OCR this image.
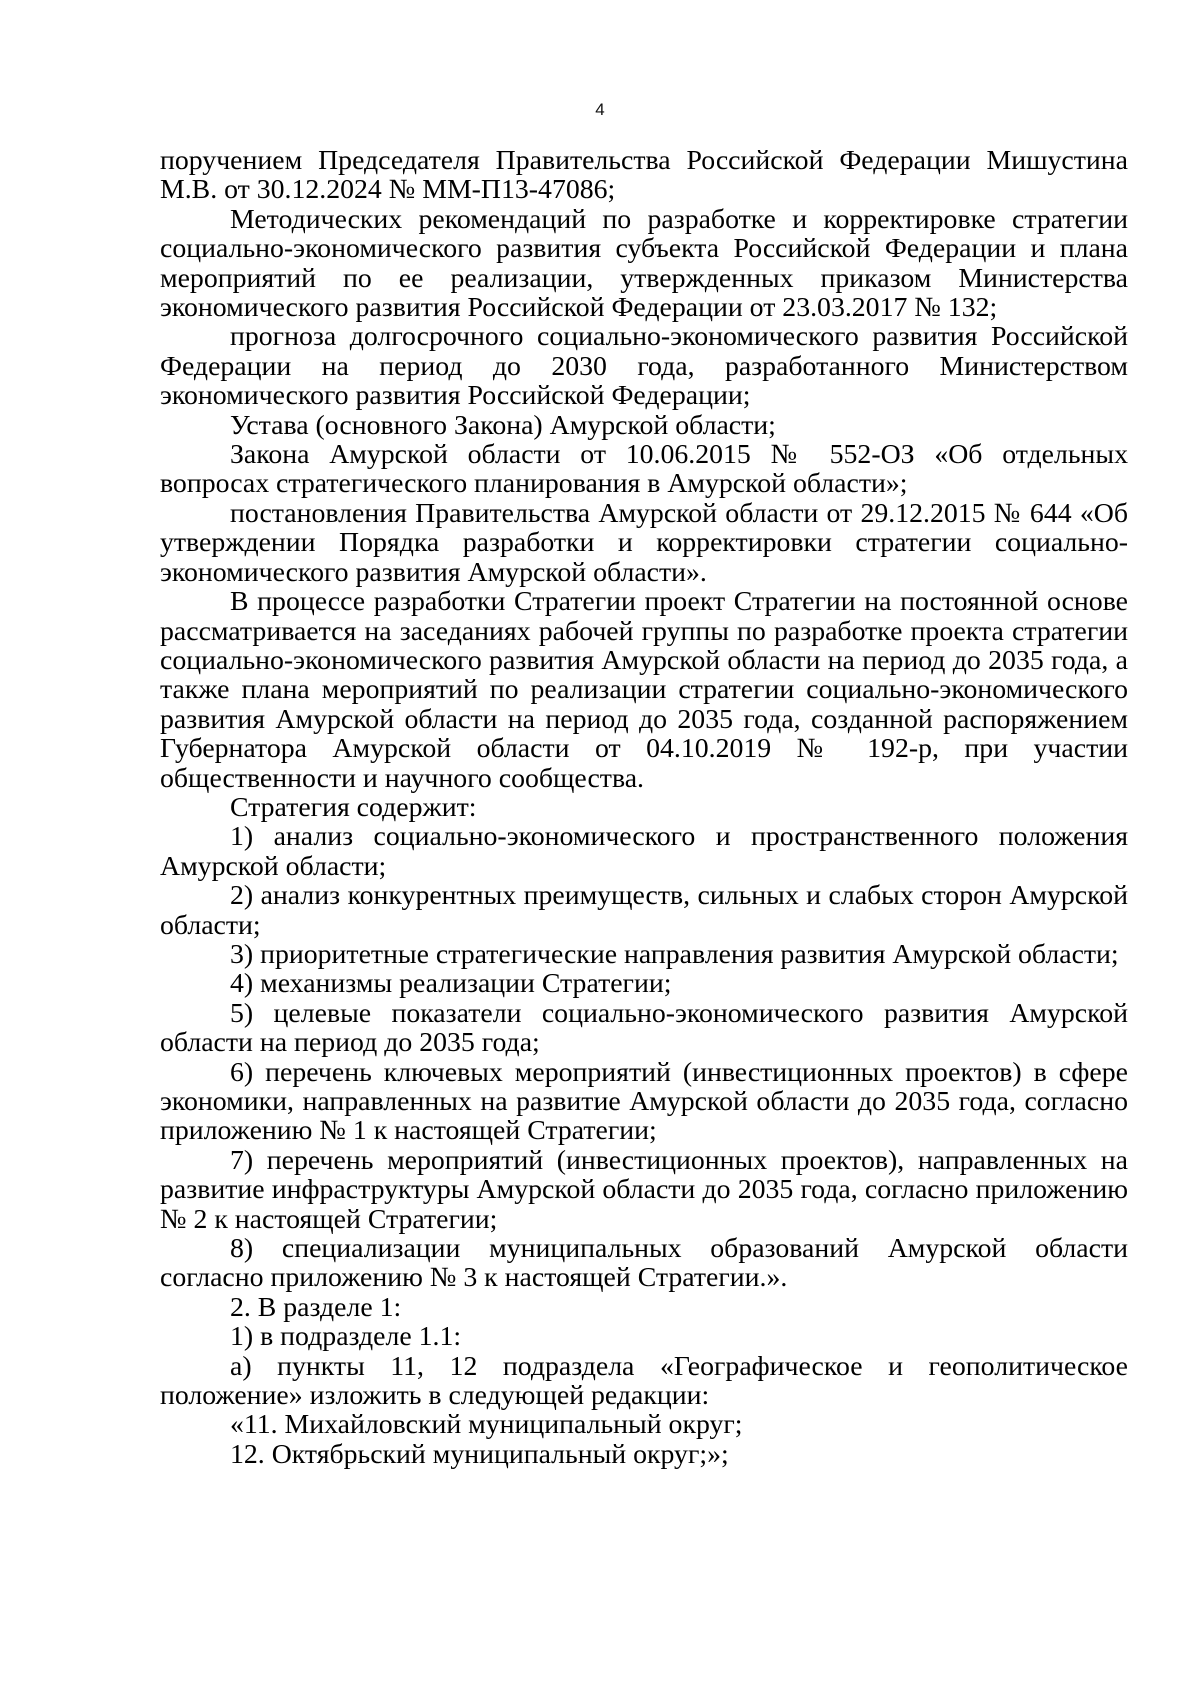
4

поручением Председателя Правительства Российской Федерации Мишустина М.В. от 30.12.2024 № ММ-П13-47086;

Методических рекомендаций по разработке и корректировке стратегии социально-экономического развития субъекта Российской Федерации и плана мероприятий по ее реализации, утвержденных приказом Министерства экономического развития Российской Федерации от 23.03.2017 № 132;

прогноза долгосрочного социально-экономического развития Российской Федерации на период до 2030 года, разработанного Министерством экономического развития Российской Федерации;

Устава (основного Закона) Амурской области;

Закона Амурской области от 10.06.2015 № 552-ОЗ «Об отдельных вопросах стратегического планирования в Амурской области»;

постановления Правительства Амурской области от 29.12.2015 № 644 «Об утверждении Порядка разработки и корректировки стратегии социально-экономического развития Амурской области».

В процессе разработки Стратегии проект Стратегии на постоянной основе рассматривается на заседаниях рабочей группы по разработке проекта стратегии социально-экономического развития Амурской области на период до 2035 года, а также плана мероприятий по реализации стратегии социально-экономического развития Амурской области на период до 2035 года, созданной распоряжением Губернатора Амурской области от 04.10.2019 № 192-р, при участии общественности и научного сообщества.

Стратегия содержит:

1) анализ социально-экономического и пространственного положения Амурской области;

2) анализ конкурентных преимуществ, сильных и слабых сторон Амурской области;

3) приоритетные стратегические направления развития Амурской области;

4) механизмы реализации Стратегии;

5) целевые показатели социально-экономического развития Амурской области на период до 2035 года;

6) перечень ключевых мероприятий (инвестиционных проектов) в сфере экономики, направленных на развитие Амурской области до 2035 года, согласно приложению № 1 к настоящей Стратегии;

7) перечень мероприятий (инвестиционных проектов), направленных на развитие инфраструктуры Амурской области до 2035 года, согласно приложению № 2 к настоящей Стратегии;

8) специализации муниципальных образований Амурской области согласно приложению № 3 к настоящей Стратегии.».

2. В разделе 1:

1) в подразделе 1.1:

а) пункты 11, 12 подраздела «Географическое и геополитическое положение» изложить в следующей редакции:

«11. Михайловский муниципальный округ;

12. Октябрьский муниципальный округ;»;
